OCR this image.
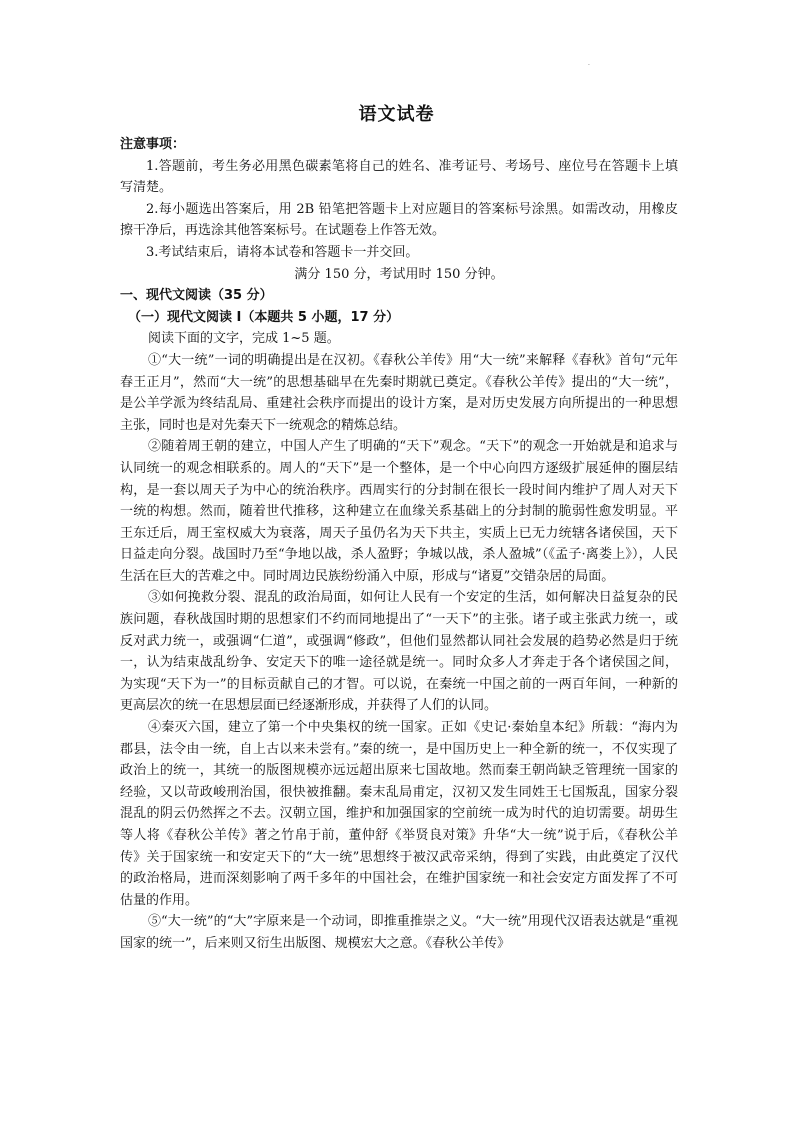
·
语文试卷

注意事项：

1.答题前，考生务必用黑色碳素笔将自己的姓名、准考证号、考场号、座位号在答题卡上填写清楚。

2.每小题选出答案后，用 2B 铅笔把答题卡上对应题目的答案标号涂黑。如需改动，用橡皮擦干净后，再选涂其他答案标号。在试题卷上作答无效。

3.考试结束后，请将本试卷和答题卡一并交回。

满分 150 分，考试用时 150 分钟。

一、现代文阅读（35 分）

（一）现代文阅读 I（本题共 5 小题，17 分）

阅读下面的文字，完成 1~5 题。

①“大一统”一词的明确提出是在汉初。《春秋公羊传》用“大一统”来解释《春秋》首句“元年春王正月”，然而“大一统”的思想基础早在先秦时期就已奠定。《春秋公羊传》提出的“大一统”，是公羊学派为终结乱局、重建社会秩序而提出的设计方案，是对历史发展方向所提出的一种思想主张，同时也是对先秦天下一统观念的精炼总结。

②随着周王朝的建立，中国人产生了明确的“天下”观念。“天下”的观念一开始就是和追求与认同统一的观念相联系的。周人的“天下”是一个整体，是一个中心向四方逐级扩展延伸的圈层结构，是一套以周天子为中心的统治秩序。西周实行的分封制在很长一段时间内维护了周人对天下一统的构想。然而，随着世代推移，这种建立在血缘关系基础上的分封制的脆弱性愈发明显。平王东迁后，周王室权威大为衰落，周天子虽仍名为天下共主，实质上已无力统辖各诸侯国，天下日益走向分裂。战国时乃至“争地以战，杀人盈野；争城以战，杀人盈城”（《孟子·离娄上》），人民生活在巨大的苦难之中。同时周边民族纷纷涌入中原，形成与“诸夏”交错杂居的局面。

③如何挽救分裂、混乱的政治局面，如何让人民有一个安定的生活，如何解决日益复杂的民族问题，春秋战国时期的思想家们不约而同地提出了“一天下”的主张。诸子或主张武力统一，或反对武力统一，或强调“仁道”，或强调“修政”，但他们显然都认同社会发展的趋势必然是归于统一，认为结束战乱纷争、安定天下的唯一途径就是统一。同时众多人才奔走于各个诸侯国之间，为实现“天下为一”的目标贡献自己的才智。可以说，在秦统一中国之前的一两百年间，一种新的更高层次的统一在思想层面已经逐渐形成，并获得了人们的认同。

④秦灭六国，建立了第一个中央集权的统一国家。正如《史记·秦始皇本纪》所载：“海内为郡县，法令由一统，自上古以来未尝有。”秦的统一，是中国历史上一种全新的统一，不仅实现了政治上的统一，其统一的版图规模亦远远超出原来七国故地。然而秦王朝尚缺乏管理统一国家的经验，又以苛政峻刑治国，很快被推翻。秦末乱局甫定，汉初又发生同姓王七国叛乱，国家分裂混乱的阴云仍然挥之不去。汉朝立国，维护和加强国家的空前统一成为时代的迫切需要。胡毋生等人将《春秋公羊传》著之竹帛于前，董仲舒《举贤良对策》升华“大一统”说于后，《春秋公羊传》关于国家统一和安定天下的“大一统”思想终于被汉武帝采纳，得到了实践，由此奠定了汉代的政治格局，进而深刻影响了两千多年的中国社会，在维护国家统一和社会安定方面发挥了不可估量的作用。

⑤“大一统”的“大”字原来是一个动词，即推重推崇之义。“大一统”用现代汉语表达就是“重视国家的统一”，后来则又衍生出版图、规模宏大之意。《春秋公羊传》
